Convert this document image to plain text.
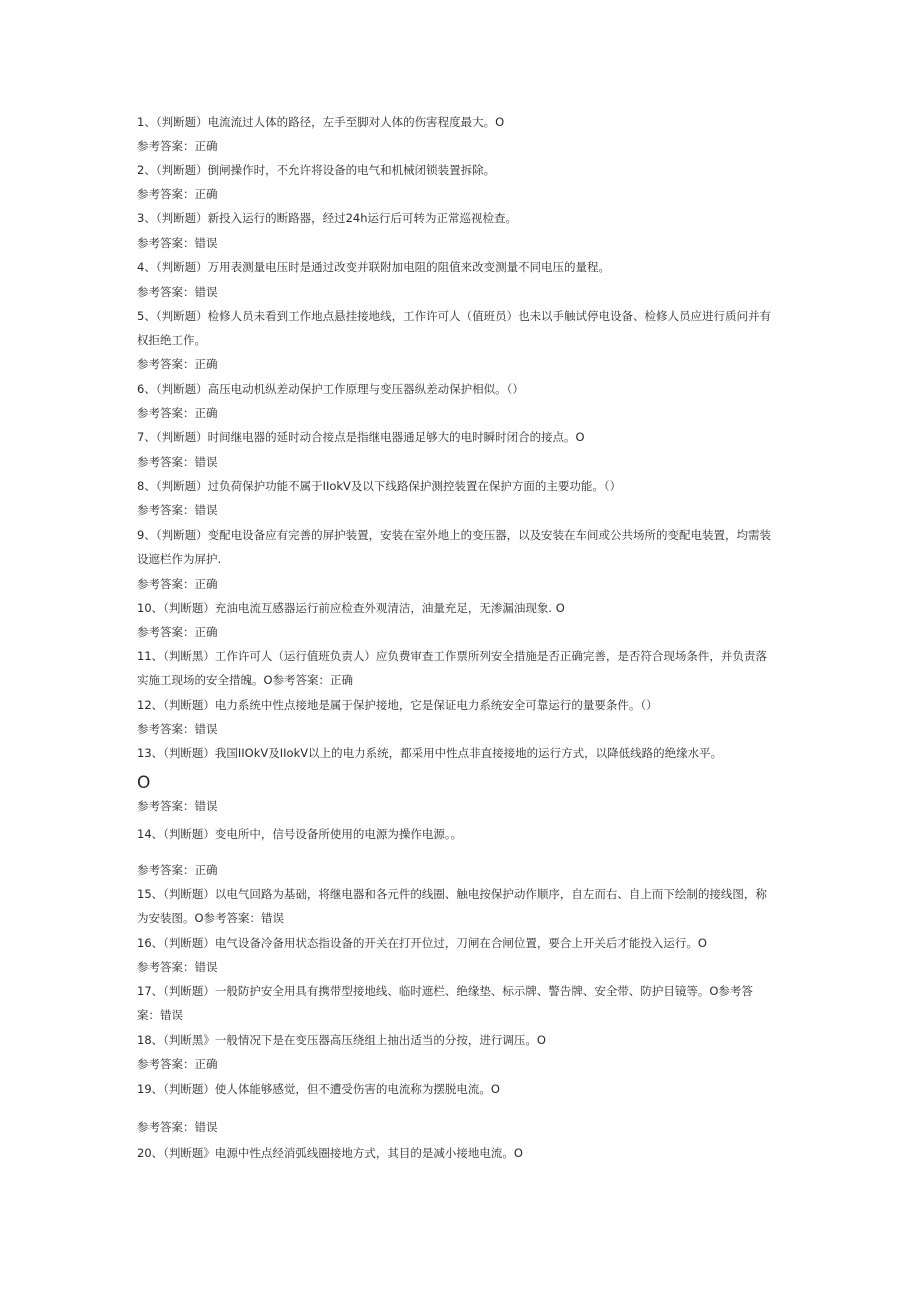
1、（判断题）电流流过人体的路径，左手至脚对人体的伤害程度最大。O
参考答案：正确
2、（判断题）倒闸操作时，不允许将设备的电气和机械闭锁装置拆除。
参考答案：正确
3、（判断题）新投入运行的断路器，经过24h运行后可转为正常巡视检查。
参考答案：错误
4、（判断题）万用表测量电压时是通过改变并联附加电阻的阻值来改变测量不同电压的量程。
参考答案：错误
5、（判断题）检修人员未看到工作地点悬挂接地线，工作许可人（值班员）也未以手触试停电设备、检修人员应进行质问并有
权拒绝工作。
参考答案：正确
6、（判断题）高压电动机纵差动保护工作原理与变压器纵差动保护相似。（）
参考答案：正确
7、（判断题）时间继电器的延时动合接点是指继电器通足够大的电时瞬时闭合的接点。O
参考答案：错误
8、（判断题）过负荷保护功能不属于IIokV及以下线路保护测控装置在保护方面的主要功能。（）
参考答案：错误
9、（判断题）变配电设备应有完善的屏护装置，安装在室外地上的变压器，以及安装在车间或公共场所的变配电装置，均需装
设遮栏作为屏护.
参考答案：正确
10、（判断题）充油电流互感器运行前应检查外观清洁，油量充足，无渗漏油现象. O
参考答案：正确
11、（判断黑）工作许可人（运行值班负责人）应负费审查工作票所列安全措施是否正确完善，是否符合现场条件，并负责落
实施工现场的安全措魄。O参考答案：正确
12、（判断题）电力系统中性点接地是属于保护接地，它是保证电力系统安全可靠运行的量要条件。（）
参考答案：错误
13、（判断题）我国IIOkV及IIokV以上的电力系统，都采用中性点非直接接地的运行方式，以降低线路的绝缘水平。
O
参考答案：错误
14、（判断题）变电所中，信号设备所使用的电源为操作电源。。
参考答案：正确
15、（判断题）以电气回路为基础，将继电器和各元件的线圈、触电按保护动作顺序，自左而右、自上而下绘制的接线图，称
为安装图。O参考答案：错误
16、（判断题）电气设备冷备用状态指设备的开关在打开位过，刀闸在合闸位置，要合上开关后才能投入运行。O
参考答案：错误
17、（判断题）一般防护安全用具有携带型接地线、临时遮栏、绝缘垫、标示牌、警告牌、安全带、防护目镜等。O参考答
案：错误
18、（判断黑》一般情况下是在变压器高压绕组上抽出适当的分按，进行调压。O
参考答案：正确
19、（判断题）使人体能够感觉，但不遭受伤害的电流称为摆脱电流。O
参考答案：错误
20、（判断题》电源中性点经消弧线圈接地方式，其目的是减小接地电流。O
